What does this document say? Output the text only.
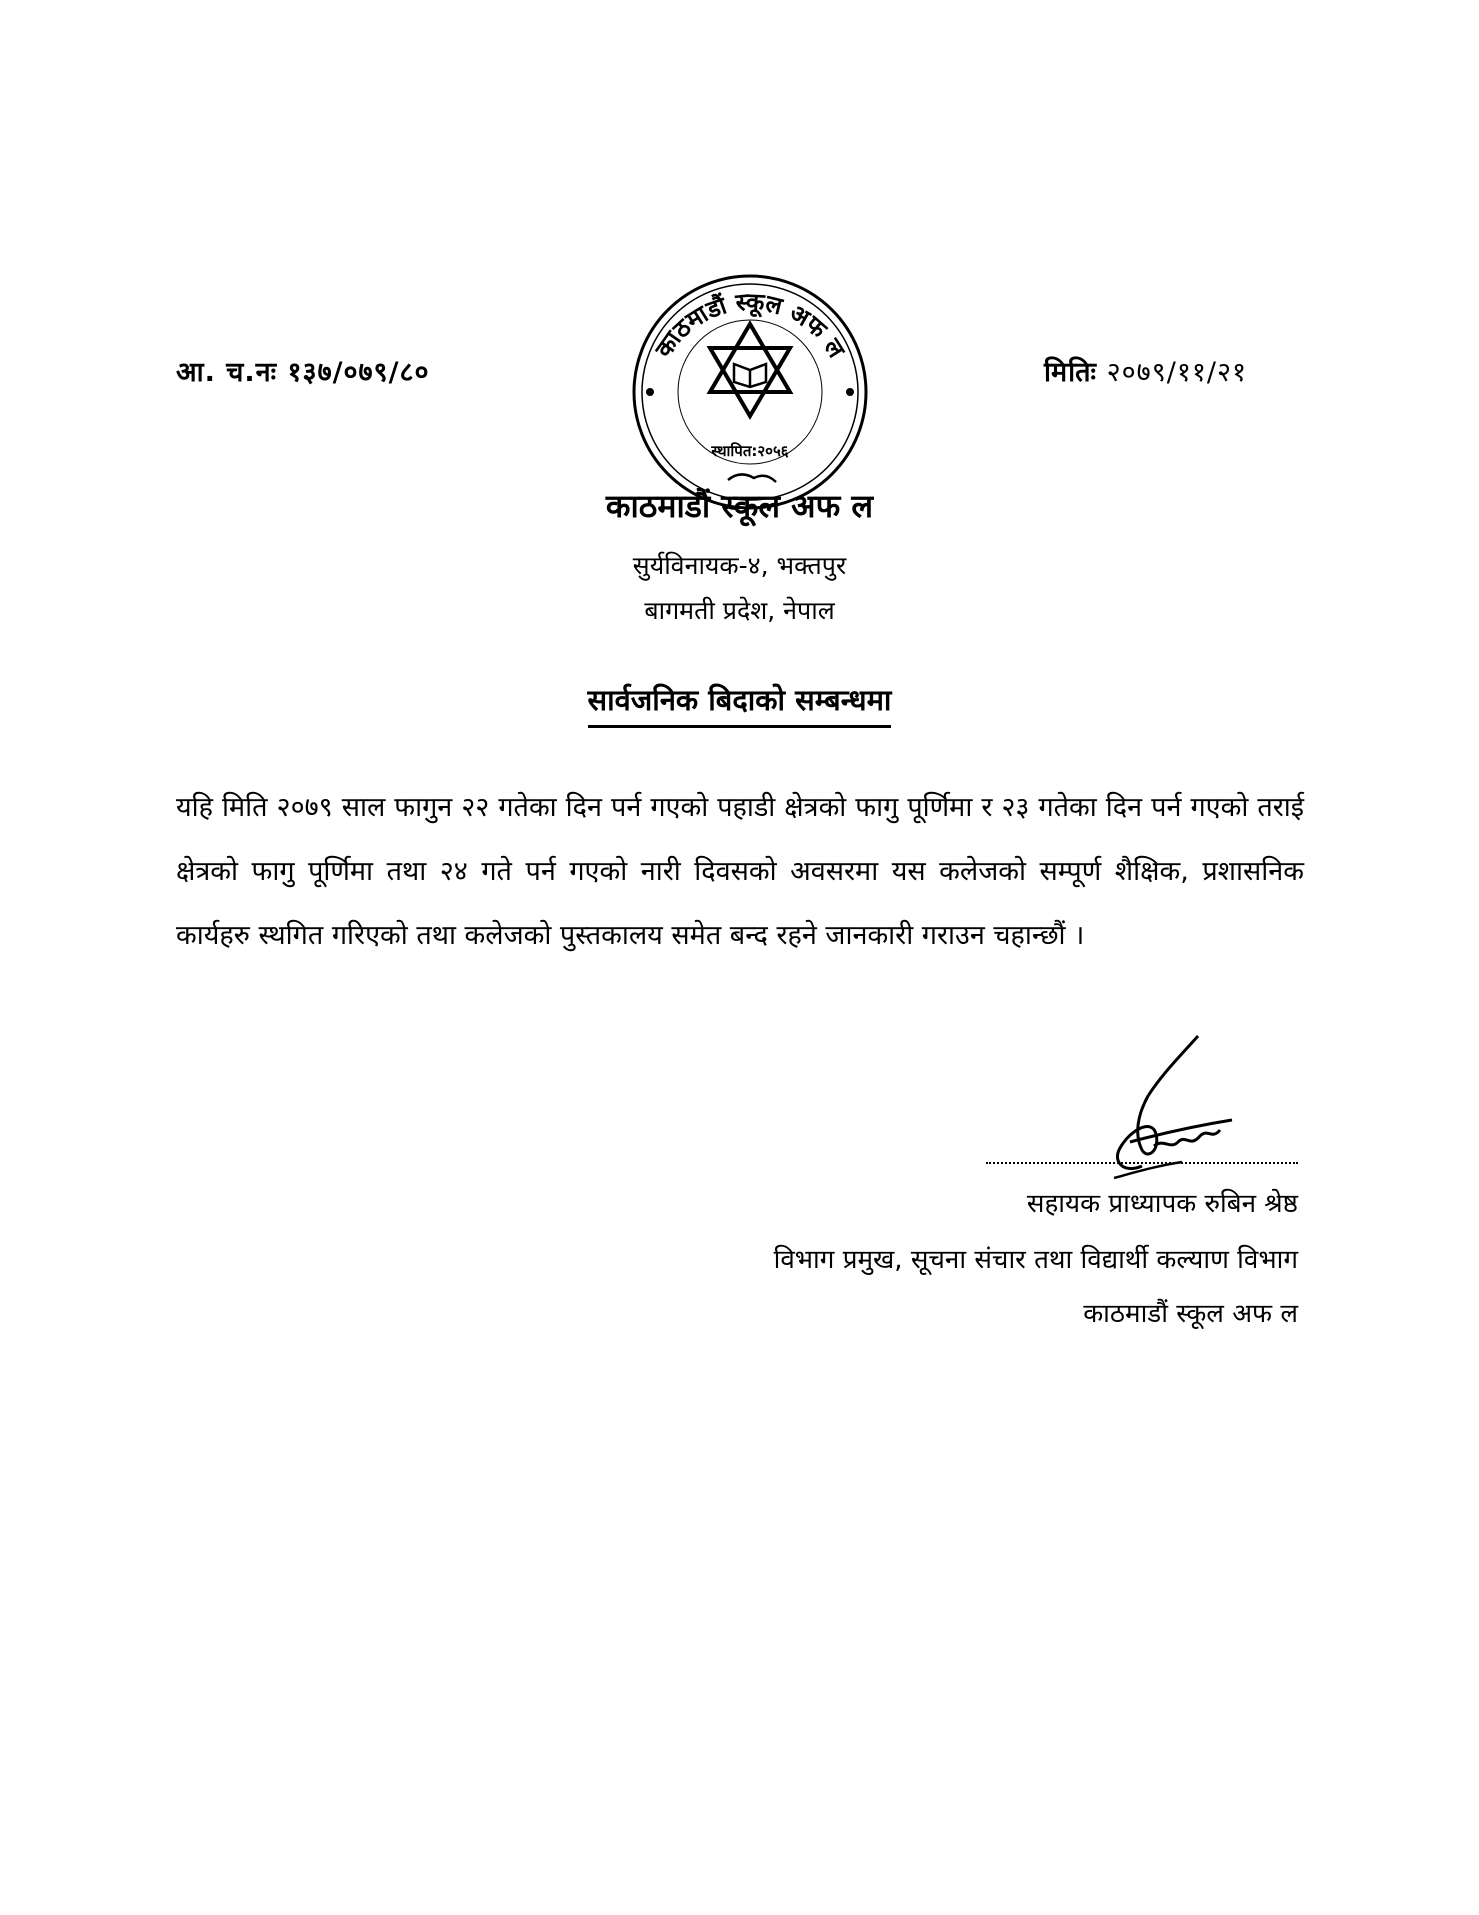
आ. च.नः १३७/०७९/८०	मितिः २०७९/११/२१
काठमाडौं स्कूल अफ ल
स्थापित:२०५६
काठमाडौं स्कूल अफ ल
सुर्यविनायक-४, भक्तपुर
बागमती प्रदेश, नेपाल
सार्वजनिक बिदाको सम्बन्धमा
यहि मिति २०७९ साल फागुन २२ गतेका दिन पर्न गएको पहाडी क्षेत्रको फागु पूर्णिमा र २३ गतेका दिन पर्न गएको तराई क्षेत्रको फागु पूर्णिमा तथा २४ गते पर्न गएको नारी दिवसको अवसरमा यस कलेजको सम्पूर्ण शैक्षिक, प्रशासनिक कार्यहरु स्थगित गरिएको तथा कलेजको पुस्तकालय समेत बन्द रहने जानकारी गराउन चहान्छौं ।
सहायक प्राध्यापक रुबिन श्रेष्ठ
विभाग प्रमुख, सूचना संचार तथा विद्यार्थी कल्याण विभाग
काठमाडौं स्कूल अफ ल
